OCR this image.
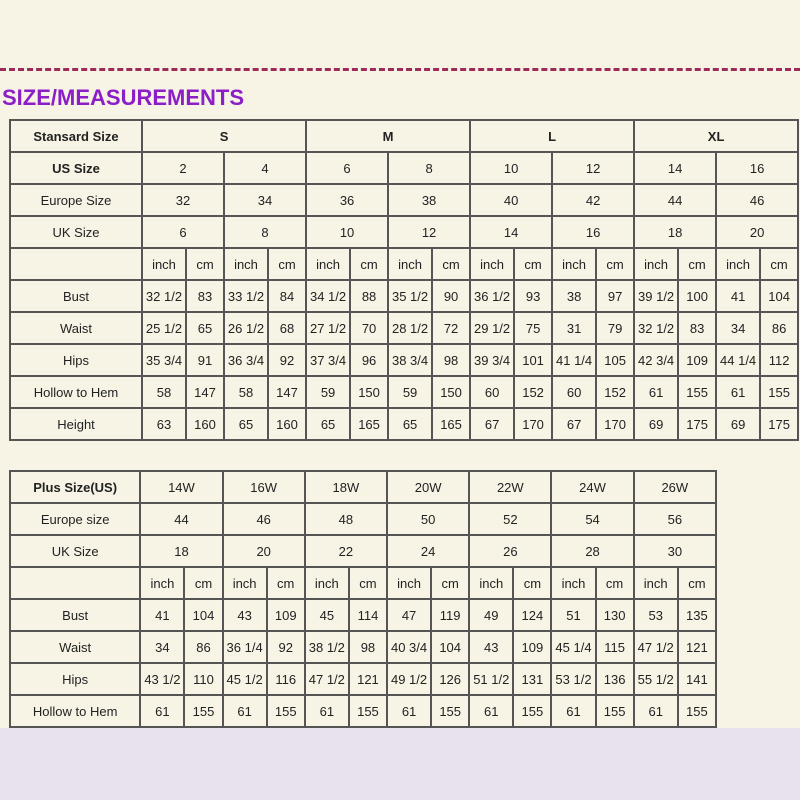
SIZE/MEASUREMENTS
Stansard Size	S				M				L				XL			
US Size	2		4		6		8		10		12		14		16	
Europe Size	32		34		36		38		40		42		44		46	
UK Size	6		8		10		12		14		16		18		20	
	inch	cm	inch	cm	inch	cm	inch	cm	inch	cm	inch	cm	inch	cm	inch	cm
Bust	32 1/2	83	33 1/2	84	34 1/2	88	35 1/2	90	36 1/2	93	38	97	39 1/2	100	41	104
Waist	25 1/2	65	26 1/2	68	27 1/2	70	28 1/2	72	29 1/2	75	31	79	32 1/2	83	34	86
Hips	35 3/4	91	36 3/4	92	37 3/4	96	38 3/4	98	39 3/4	101	41 1/4	105	42 3/4	109	44 1/4	112
Hollow to Hem	58	147	58	147	59	150	59	150	60	152	60	152	61	155	61	155
Height	63	160	65	160	65	165	65	165	67	170	67	170	69	175	69	175
Plus Size(US)	14W		16W		18W		20W		22W		24W		26W	
Europe size	44		46		48		50		52		54		56	
UK Size	18		20		22		24		26		28		30	
	inch	cm	inch	cm	inch	cm	inch	cm	inch	cm	inch	cm	inch	cm
Bust	41	104	43	109	45	114	47	119	49	124	51	130	53	135
Waist	34	86	36 1/4	92	38 1/2	98	40 3/4	104	43	109	45 1/4	115	47 1/2	121
Hips	43 1/2	110	45 1/2	116	47 1/2	121	49 1/2	126	51 1/2	131	53 1/2	136	55 1/2	141
Hollow to Hem	61	155	61	155	61	155	61	155	61	155	61	155	61	155
